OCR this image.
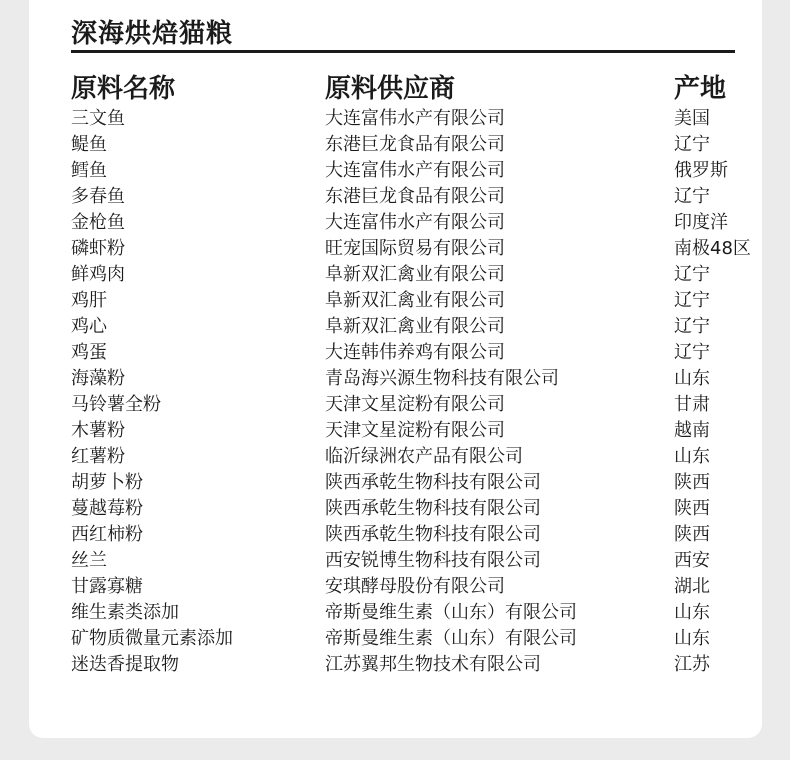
深海烘焙猫粮
原料名称	原料供应商	产地
三文鱼	大连富伟水产有限公司	美国
鳀鱼	东港巨龙食品有限公司	辽宁
鳕鱼	大连富伟水产有限公司	俄罗斯
多春鱼	东港巨龙食品有限公司	辽宁
金枪鱼	大连富伟水产有限公司	印度洋
磷虾粉	旺宠国际贸易有限公司	南极48区
鲜鸡肉	阜新双汇禽业有限公司	辽宁
鸡肝	阜新双汇禽业有限公司	辽宁
鸡心	阜新双汇禽业有限公司	辽宁
鸡蛋	大连韩伟养鸡有限公司	辽宁
海藻粉	青岛海兴源生物科技有限公司	山东
马铃薯全粉	天津文星淀粉有限公司	甘肃
木薯粉	天津文星淀粉有限公司	越南
红薯粉	临沂绿洲农产品有限公司	山东
胡萝卜粉	陕西承乾生物科技有限公司	陕西
蔓越莓粉	陕西承乾生物科技有限公司	陕西
西红柿粉	陕西承乾生物科技有限公司	陕西
丝兰	西安锐博生物科技有限公司	西安
甘露寡糖	安琪酵母股份有限公司	湖北
维生素类添加	帝斯曼维生素（山东）有限公司	山东
矿物质微量元素添加	帝斯曼维生素（山东）有限公司	山东
迷迭香提取物	江苏翼邦生物技术有限公司	江苏
